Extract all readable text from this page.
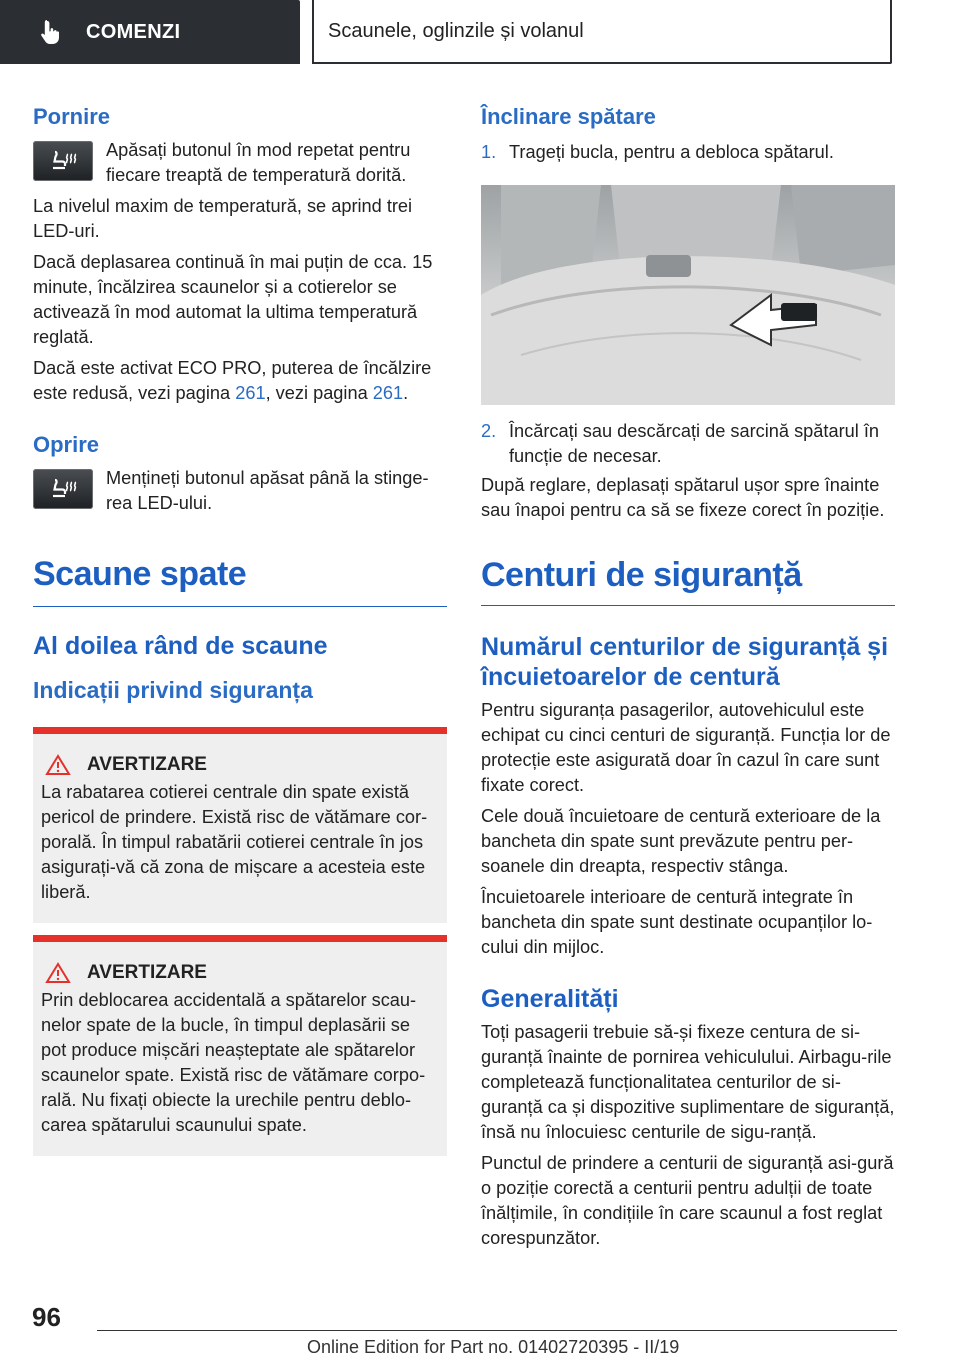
COMENZI	Scaunele, oglinzile și volanul
Pornire

Apăsați butonul în mod repetat pentru fiecare treaptă de temperatură dorită.

La nivelul maxim de temperatură, se aprind trei LED-uri.

Dacă deplasarea continuă în mai puțin de cca. 15 minute, încălzirea scaunelor și a cotierelor se activează în mod automat la ultima temperatură reglată.

Dacă este activat ECO PRO, puterea de încălzire este redusă, vezi pagina 261, vezi pagina 261.

Oprire

Mențineți butonul apăsat până la stinge-rea LED-ului.

Scaune spate
Al doilea rând de scaune
Indicații privind siguranța
AVERTIZARE

La rabatarea cotierei centrale din spate există pericol de prindere. Există risc de vătămare cor-porală. În timpul rabatării cotierei centrale în jos asigurați-vă că zona de mișcare a acesteia este liberă.

AVERTIZARE

Prin deblocarea accidentală a spătarelor scau-nelor spate de la bucle, în timpul deplasării se pot produce mișcări neașteptate ale spătarelor scaunelor spate. Există risc de vătămare corpo-rală. Nu fixați obiecte la urechile pentru deblo-carea spătarului scaunului spate.

Înclinare spătare
1. Trageți bucla, pentru a debloca spătarul.
2. Încărcați sau descărcați de sarcină spătarul în funcție de necesar.

După reglare, deplasați spătarul ușor spre înainte sau înapoi pentru ca să se fixeze corect în poziție.

Centuri de siguranță
Numărul centurilor de siguranță și încuietoarelor de centură

Pentru siguranța pasagerilor, autovehiculul este echipat cu cinci centuri de siguranță. Funcția lor de protecție este asigurată doar în cazul în care sunt fixate corect.

Cele două încuietoare de centură exterioare de la bancheta din spate sunt prevăzute pentru per-soanele din dreapta, respectiv stânga.

Încuietoarele interioare de centură integrate în bancheta din spate sunt destinate ocupanților lo-cului din mijloc.

Generalități

Toți pasagerii trebuie să-și fixeze centura de si-guranță înainte de pornirea vehiculului. Airbagu-rile completează funcționalitatea centurilor de si-guranță ca și dispozitive suplimentare de siguranță, însă nu înlocuiesc centurile de sigu-ranță.

Punctul de prindere a centurii de siguranță asi-gură o poziție corectă a centurii pentru adulții de toate înălțimile, în condițiile în care scaunul a fost reglat corespunzător.

96
Online Edition for Part no. 01402720395 - II/19
